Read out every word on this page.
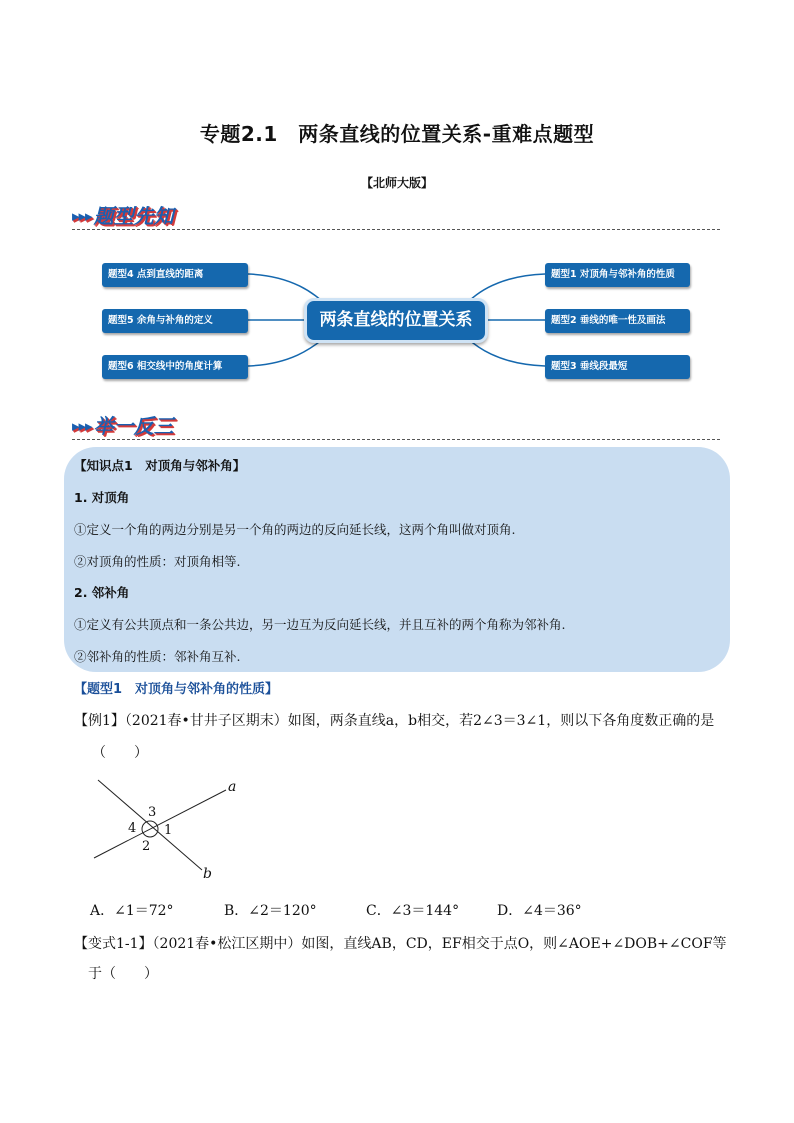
专题2.1　两条直线的位置关系-重难点题型
【北师大版】
▸▸▸ 题型先知
题型4 点到直线的距离
题型5 余角与补角的定义
题型6 相交线中的角度计算
两条直线的位置关系
题型1 对顶角与邻补角的性质
题型2 垂线的唯一性及画法
题型3 垂线段最短
▸▸▸ 举一反三
【知识点1　对顶角与邻补角】
1. 对顶角
①定义一个角的两边分别是另一个角的两边的反向延长线，这两个角叫做对顶角.
②对顶角的性质：对顶角相等.
2. 邻补角
①定义有公共顶点和一条公共边，另一边互为反向延长线，并且互补的两个角称为邻补角.
②邻补角的性质：邻补角互补.
【题型1　对顶角与邻补角的性质】
【例1】（2021春•甘井子区期末）如图，两条直线a，b相交，若2∠3＝3∠1，则以下各角度数正确的是
（　　）
a
b
1
2
3
4
A．∠1＝72°	B．∠2＝120°	C．∠3＝144°	D．∠4＝36°
【变式1-1】（2021春•松江区期中）如图，直线AB，CD，EF相交于点O，则∠AOE+∠DOB+∠COF等
于（　　）
